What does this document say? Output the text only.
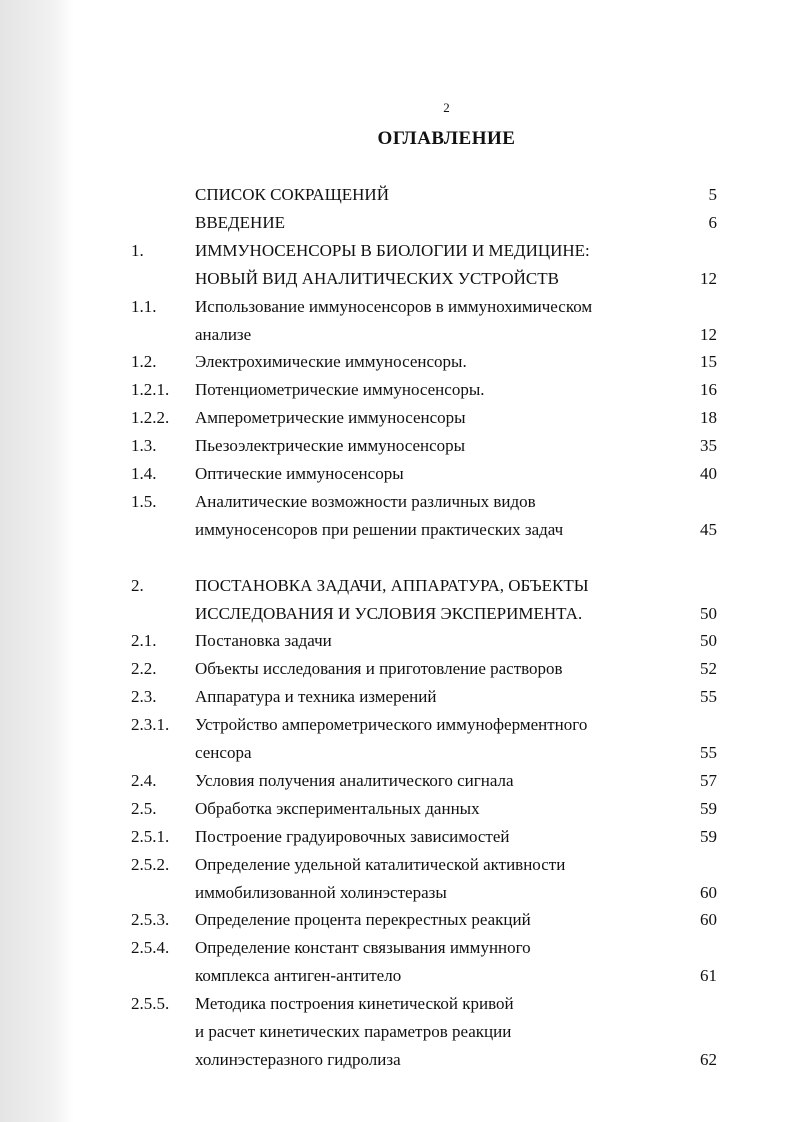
2
ОГЛАВЛЕНИЕ
СПИСОК СОКРАЩЕНИЙ	5
ВВЕДЕНИЕ	6
1.	ИММУНОСЕНСОРЫ В БИОЛОГИИ И МЕДИЦИНЕ:
НОВЫЙ ВИД АНАЛИТИЧЕСКИХ УСТРОЙСТВ	12
1.1. Использование иммуносенсоров в иммунохимическом
анализе	12
1.2. Электрохимические иммуносенсоры.	15
1.2.1. Потенциометрические иммуносенсоры.	16
1.2.2. Амперометрические иммуносенсоры	18
1.3. Пьезоэлектрические иммуносенсоры	35
1.4. Оптические иммуносенсоры	40
1.5. Аналитические возможности различных видов
иммуносенсоров при решении практических задач	45
2.	ПОСТАНОВКА ЗАДАЧИ, АППАРАТУРА, ОБЪЕКТЫ
ИССЛЕДОВАНИЯ И УСЛОВИЯ ЭКСПЕРИМЕНТА.	50
2.1. Постановка задачи	50
2.2. Объекты исследования и приготовление растворов	52
2.3. Аппаратура и техника измерений	55
2.3.1. Устройство амперометрического иммуноферментного
сенсора	55
2.4. Условия получения аналитического сигнала	57
2.5. Обработка экспериментальных данных	59
2.5.1. Построение градуировочных зависимостей	59
2.5.2. Определение удельной каталитической активности
иммобилизованной холинэстеразы	60
2.5.3. Определение процента перекрестных реакций	60
2.5.4. Определение констант связывания иммунного
комплекса антиген-антитело	61
2.5.5. Методика построения кинетической кривой
и расчет кинетических параметров реакции
холинэстеразного гидролиза	62
